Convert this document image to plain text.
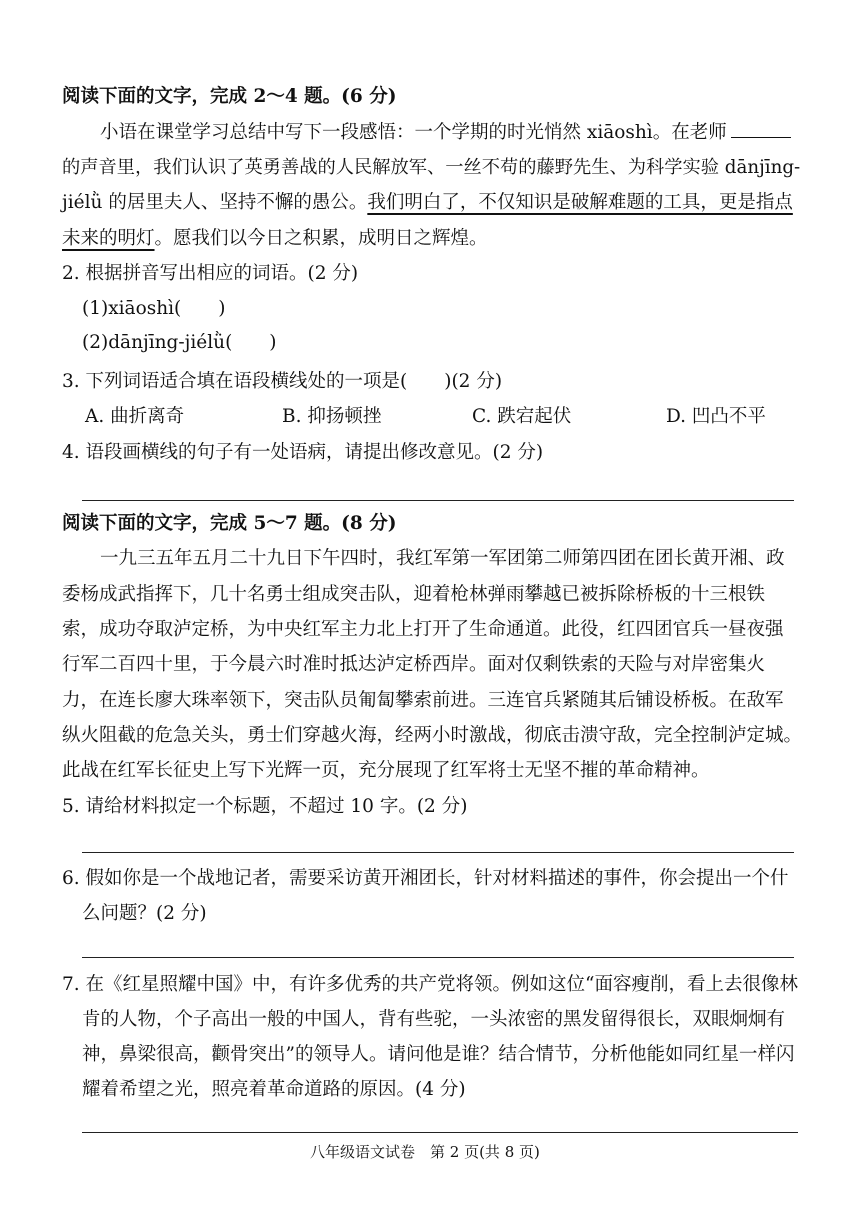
阅读下面的文字，完成 2～4 题。(6 分)
小语在课堂学习总结中写下一段感悟：一个学期的时光悄然 xiāoshì。在老师
的声音里，我们认识了英勇善战的人民解放军、一丝不苟的藤野先生、为科学实验 dānjīng-
jiélǜ 的居里夫人、坚持不懈的愚公。我们明白了，不仅知识是破解难题的工具，更是指点
未来的明灯。愿我们以今日之积累，成明日之辉煌。
2. 根据拼音写出相应的词语。(2 分)
(1)xiāoshì(　　)
(2)dānjīng-jiélǜ(　　)
3. 下列词语适合填在语段横线处的一项是(　　)(2 分)
A. 曲折离奇	B. 抑扬顿挫	C. 跌宕起伏	D. 凹凸不平
4. 语段画横线的句子有一处语病，请提出修改意见。(2 分)
阅读下面的文字，完成 5～7 题。(8 分)
一九三五年五月二十九日下午四时，我红军第一军团第二师第四团在团长黄开湘、政
委杨成武指挥下，几十名勇士组成突击队，迎着枪林弹雨攀越已被拆除桥板的十三根铁
索，成功夺取泸定桥，为中央红军主力北上打开了生命通道。此役，红四团官兵一昼夜强
行军二百四十里，于今晨六时准时抵达泸定桥西岸。面对仅剩铁索的天险与对岸密集火
力，在连长廖大珠率领下，突击队员匍匐攀索前进。三连官兵紧随其后铺设桥板。在敌军
纵火阻截的危急关头，勇士们穿越火海，经两小时激战，彻底击溃守敌，完全控制泸定城。
此战在红军长征史上写下光辉一页，充分展现了红军将士无坚不摧的革命精神。
5. 请给材料拟定一个标题，不超过 10 字。(2 分)
6. 假如你是一个战地记者，需要采访黄开湘团长，针对材料描述的事件，你会提出一个什
么问题？(2 分)
7. 在《红星照耀中国》中，有许多优秀的共产党将领。例如这位“面容瘦削，看上去很像林
肯的人物，个子高出一般的中国人，背有些驼，一头浓密的黑发留得很长，双眼炯炯有
神，鼻梁很高，颧骨突出”的领导人。请问他是谁？结合情节，分析他能如同红星一样闪
耀着希望之光，照亮着革命道路的原因。(4 分)
八年级语文试卷　第 2 页(共 8 页)
